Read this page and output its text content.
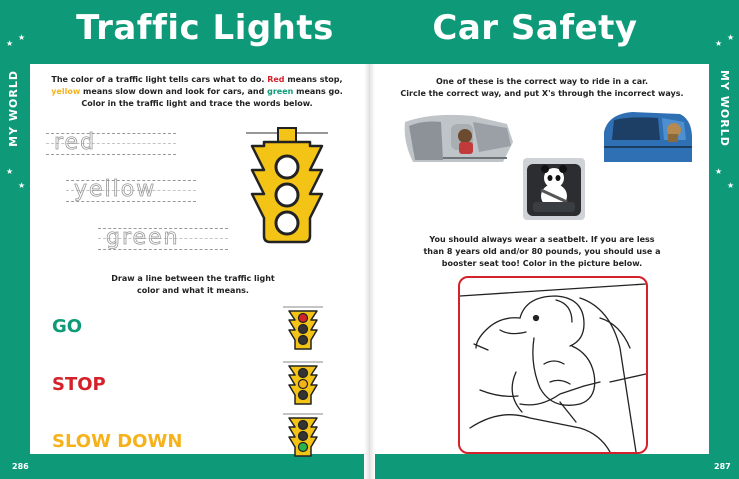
Traffic Lights	Car Safety
MY WORLD	MY WORLD
★
★
★
★
★
★
★
★
286	287
The color of a traffic light tells cars what to do. Red means stop, yellow means slow down and look for cars, and green means go.
Color in the traffic light and trace the words below.
red
yellow
green
Draw a line between the traffic light
color and what it means.
GO
STOP
SLOW DOWN
One of these is the correct way to ride in a car.
Circle the correct way, and put X's through the incorrect ways.
You should always wear a seatbelt. If you are less
than 8 years old and/or 80 pounds, you should use a
booster seat too! Color in the picture below.
